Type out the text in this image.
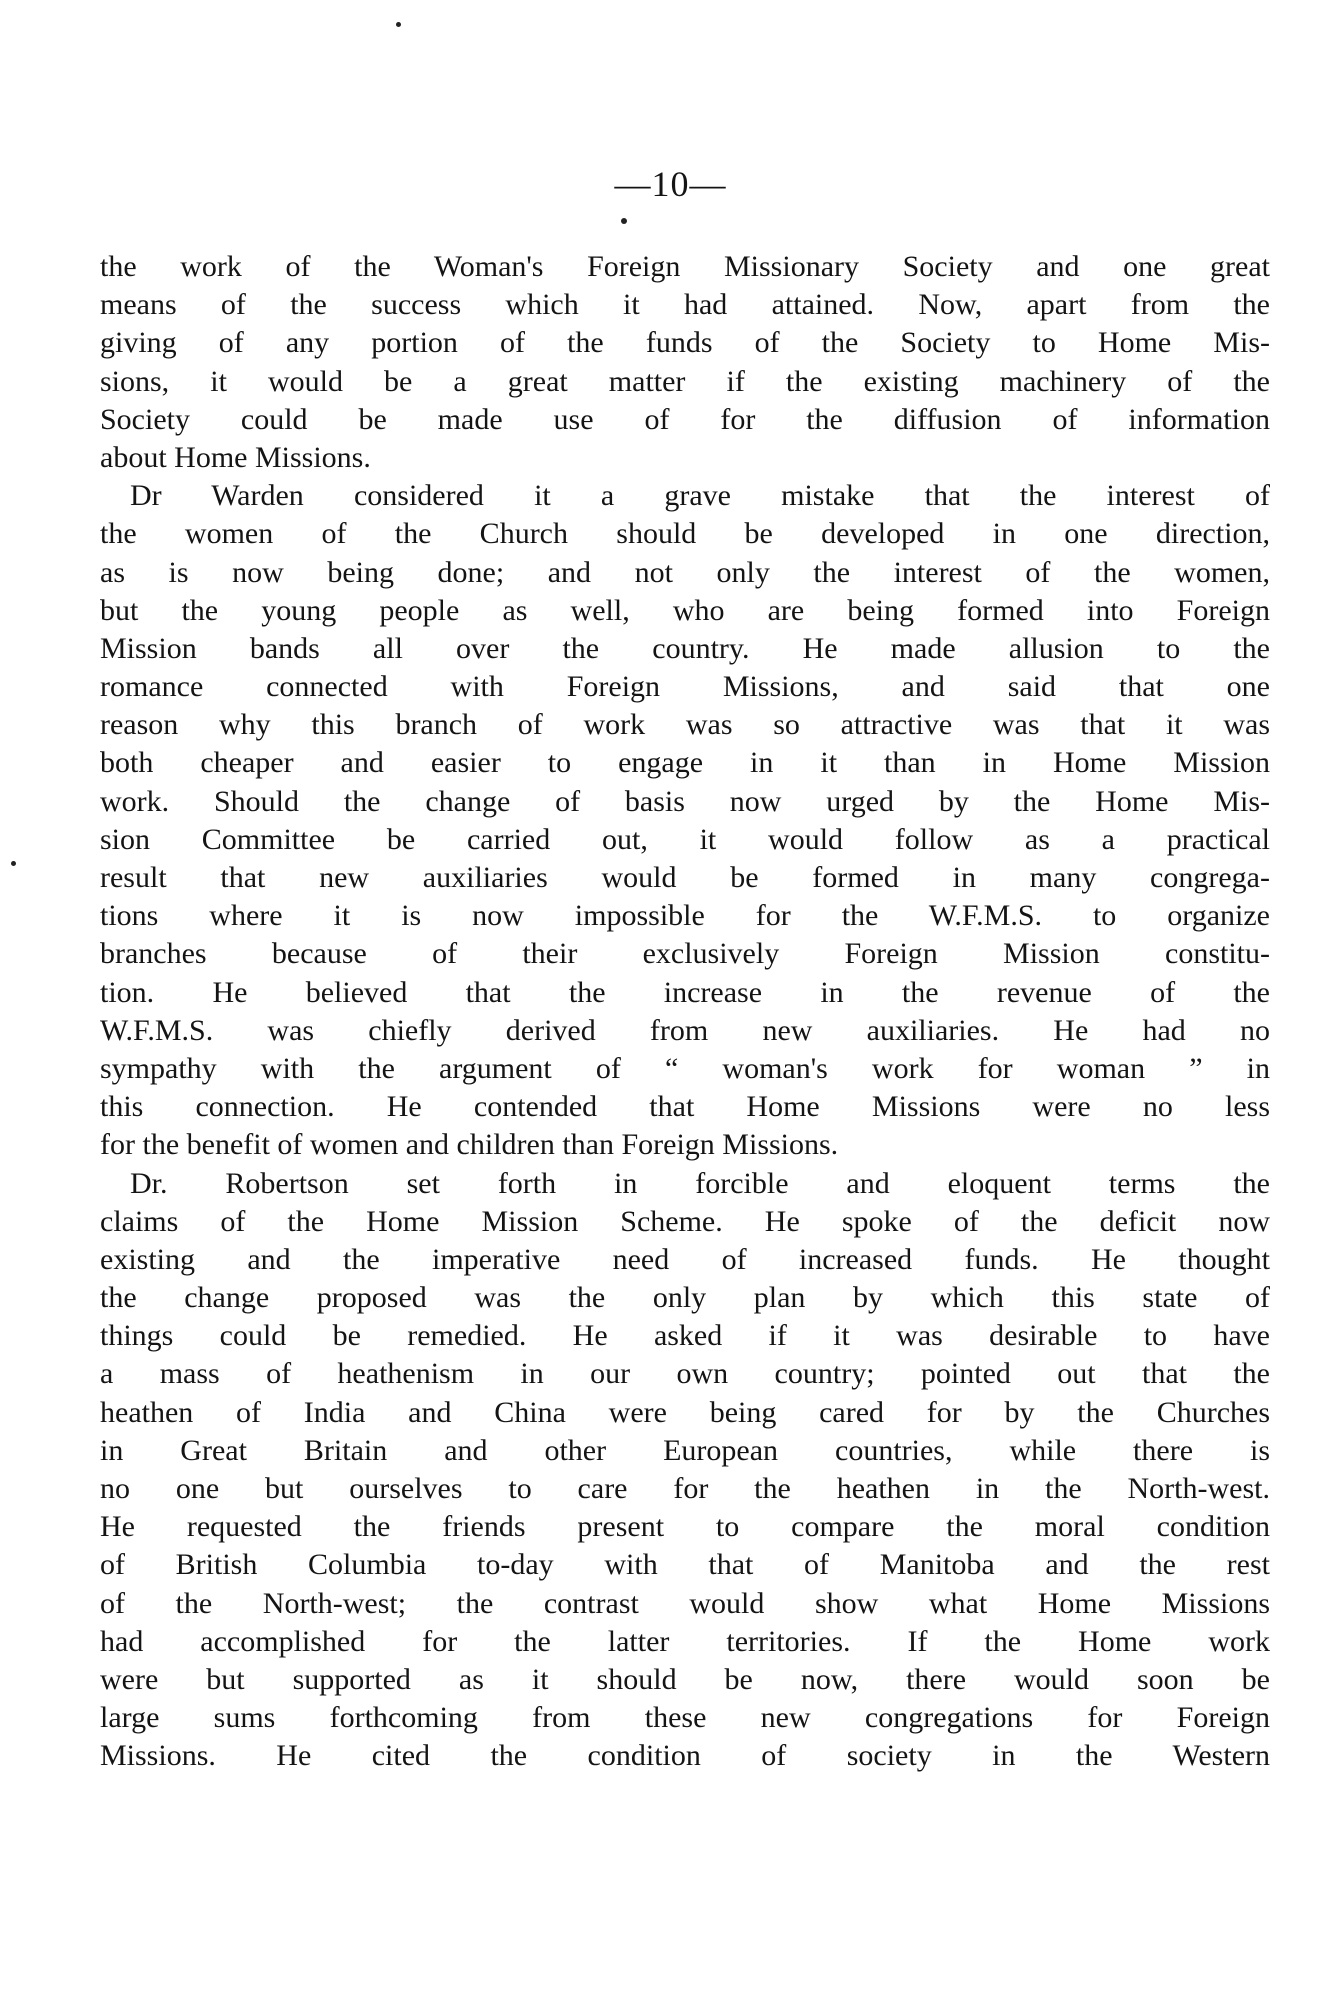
—10—

the work of the Woman's Foreign Missionary Society and one great
means of the success which it had attained. Now, apart from the
giving of any portion of the funds of the Society to Home Mis-
sions, it would be a great matter if the existing machinery of the
Society could be made use of for the diffusion of information
about Home Missions.

Dr Warden considered it a grave mistake that the interest of
the women of the Church should be developed in one direction,
as is now being done; and not only the interest of the women,
but the young people as well, who are being formed into Foreign
Mission bands all over the country. He made allusion to the
romance connected with Foreign Missions, and said that one
reason why this branch of work was so attractive was that it was
both cheaper and easier to engage in it than in Home Mission
work. Should the change of basis now urged by the Home Mis-
sion Committee be carried out, it would follow as a practical
result that new auxiliaries would be formed in many congrega-
tions where it is now impossible for the W.F.M.S. to organize
branches because of their exclusively Foreign Mission constitu-
tion. He believed that the increase in the revenue of the
W.F.M.S. was chiefly derived from new auxiliaries. He had no
sympathy with the argument of “ woman's work for woman ” in
this connection. He contended that Home Missions were no less
for the benefit of women and children than Foreign Missions.

Dr. Robertson set forth in forcible and eloquent terms the
claims of the Home Mission Scheme. He spoke of the deficit now
existing and the imperative need of increased funds. He thought
the change proposed was the only plan by which this state of
things could be remedied. He asked if it was desirable to have
a mass of heathenism in our own country; pointed out that the
heathen of India and China were being cared for by the Churches
in Great Britain and other European countries, while there is
no one but ourselves to care for the heathen in the North-west.
He requested the friends present to compare the moral condition
of British Columbia to-day with that of Manitoba and the rest
of the North-west; the contrast would show what Home Missions
had accomplished for the latter territories. If the Home work
were but supported as it should be now, there would soon be
large sums forthcoming from these new congregations for Foreign
Missions. He cited the condition of society in the Western
